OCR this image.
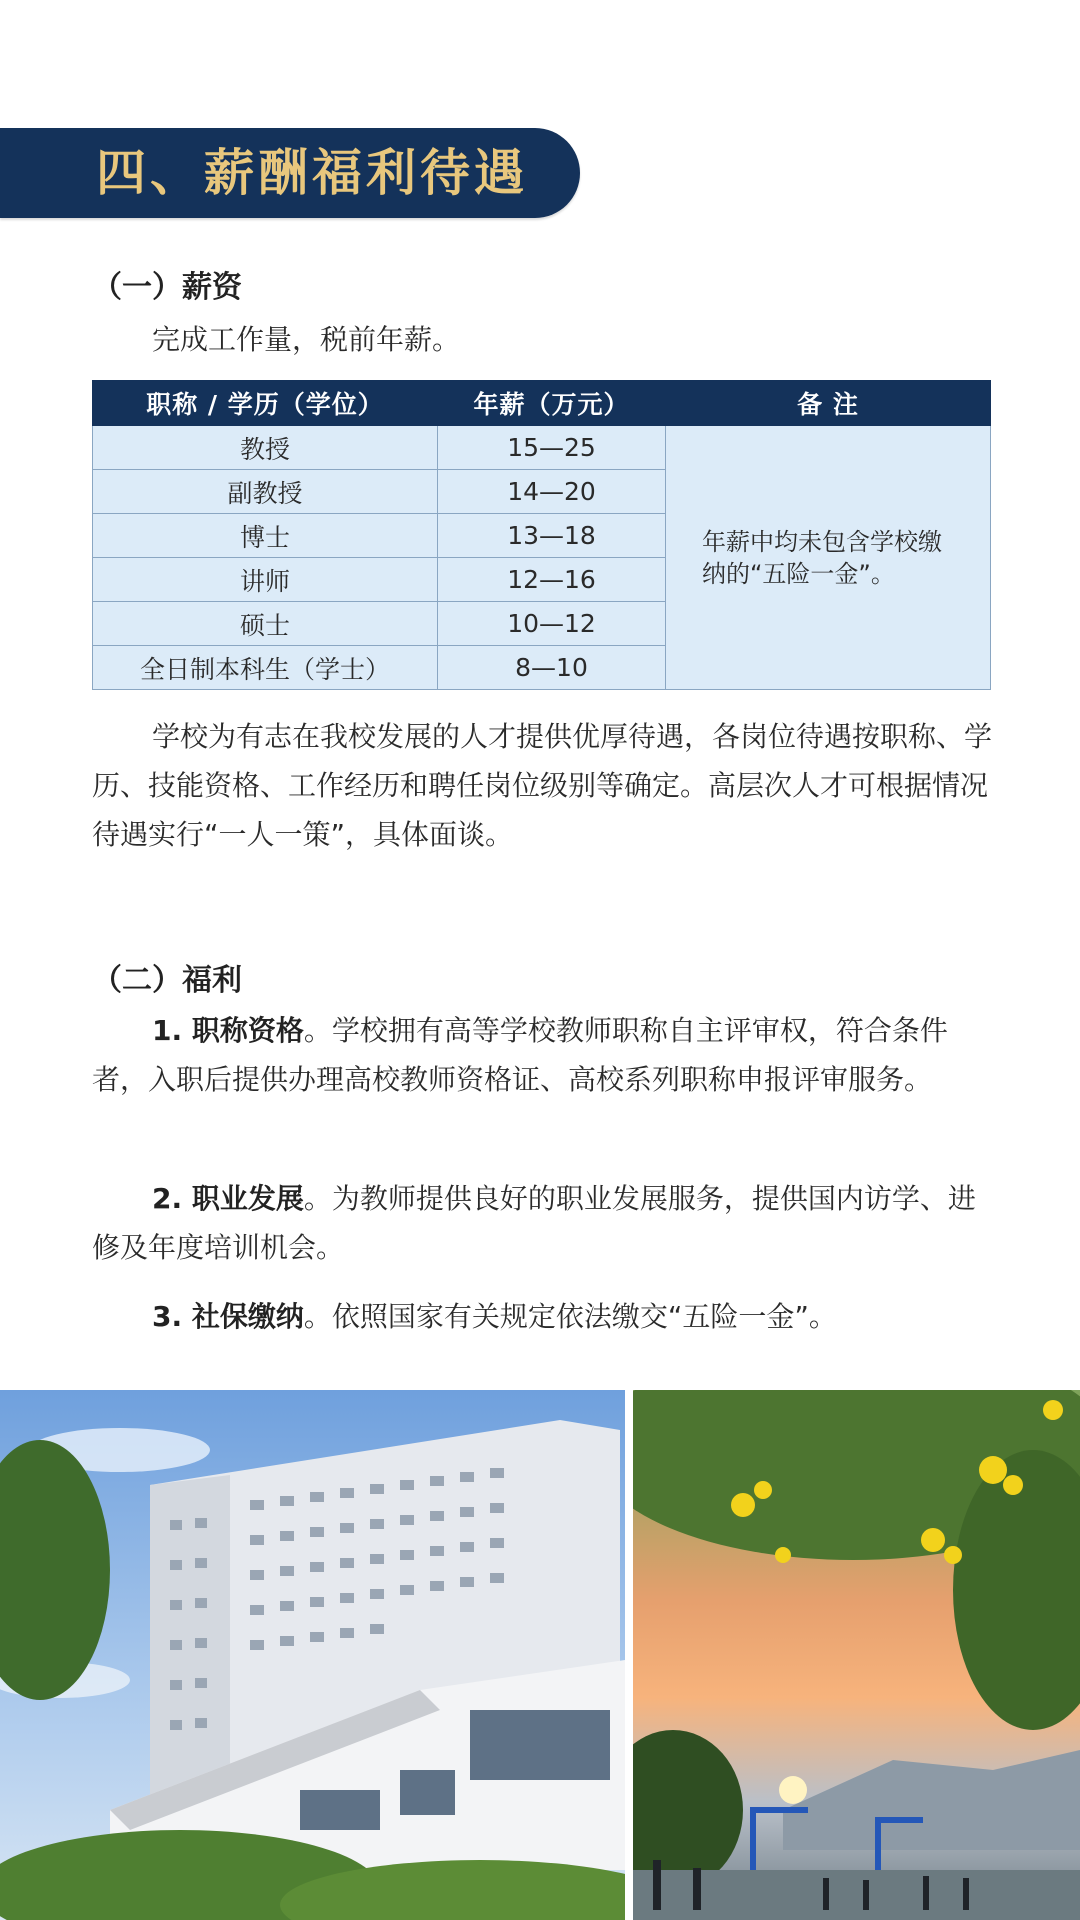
四、薪酬福利待遇
（一）薪资
完成工作量，税前年薪。
职称 / 学历（学位）	年薪（万元）	备 注
教授	15—25	年薪中均未包含学校缴纳的“五险一金”。
副教授	14—20	
博士	13—18	
讲师	12—16	
硕士	10—12	
全日制本科生（学士）	8—10	
学校为有志在我校发展的人才提供优厚待遇，各岗位待遇按职称、学历、技能资格、工作经历和聘任岗位级别等确定。高层次人才可根据情况待遇实行“一人一策”，具体面谈。
（二）福利
1. 职称资格。学校拥有高等学校教师职称自主评审权，符合条件者，入职后提供办理高校教师资格证、高校系列职称申报评审服务。
2. 职业发展。为教师提供良好的职业发展服务，提供国内访学、进修及年度培训机会。
3. 社保缴纳。依照国家有关规定依法缴交“五险一金”。
